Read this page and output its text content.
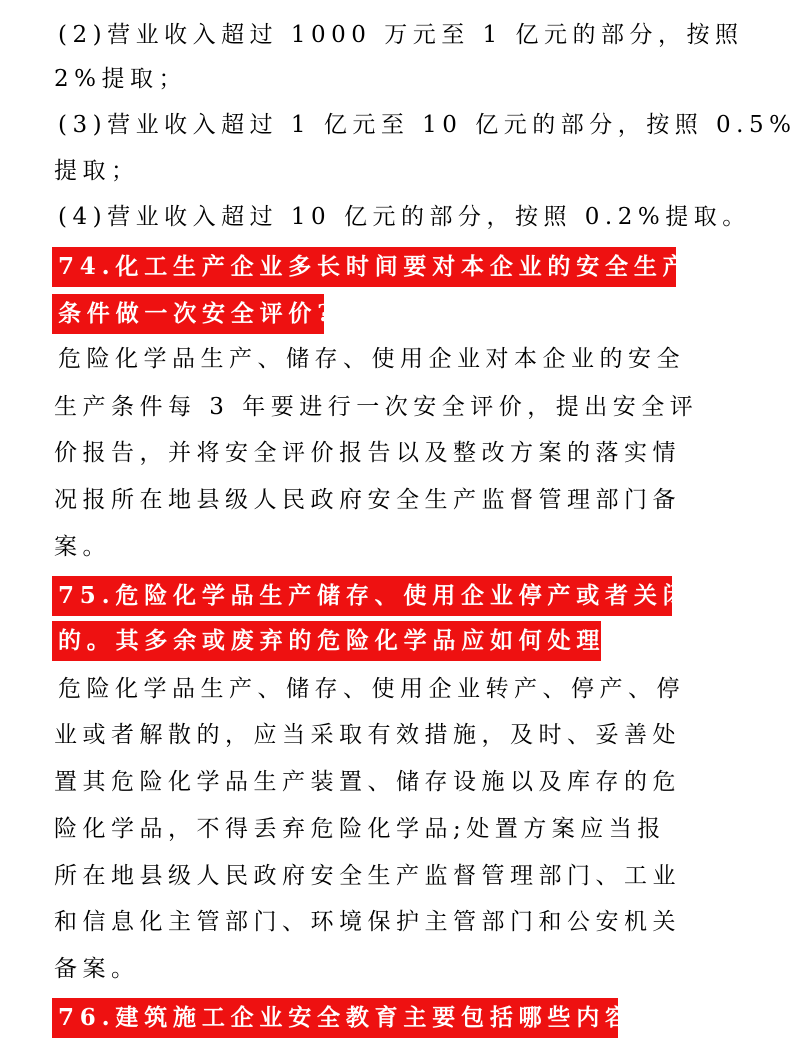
(2)营业收入超过 1000 万元至 1 亿元的部分，按照
2%提取；
(3)营业收入超过 1 亿元至 10 亿元的部分，按照 0.5%
提取；
(4)营业收入超过 10 亿元的部分，按照 0.2%提取。
74.化工生产企业多长时间要对本企业的安全生产
条件做一次安全评价?
危险化学品生产、储存、使用企业对本企业的安全
生产条件每 3 年要进行一次安全评价，提出安全评
价报告，并将安全评价报告以及整改方案的落实情
况报所在地县级人民政府安全生产监督管理部门备
案。
75.危险化学品生产储存、使用企业停产或者关闭
的。其多余或废弃的危险化学品应如何处理?
危险化学品生产、储存、使用企业转产、停产、停
业或者解散的，应当采取有效措施，及时、妥善处
置其危险化学品生产装置、储存设施以及库存的危
险化学品，不得丢弃危险化学品;处置方案应当报
所在地县级人民政府安全生产监督管理部门、工业
和信息化主管部门、环境保护主管部门和公安机关
备案。
76.建筑施工企业安全教育主要包括哪些内容?
